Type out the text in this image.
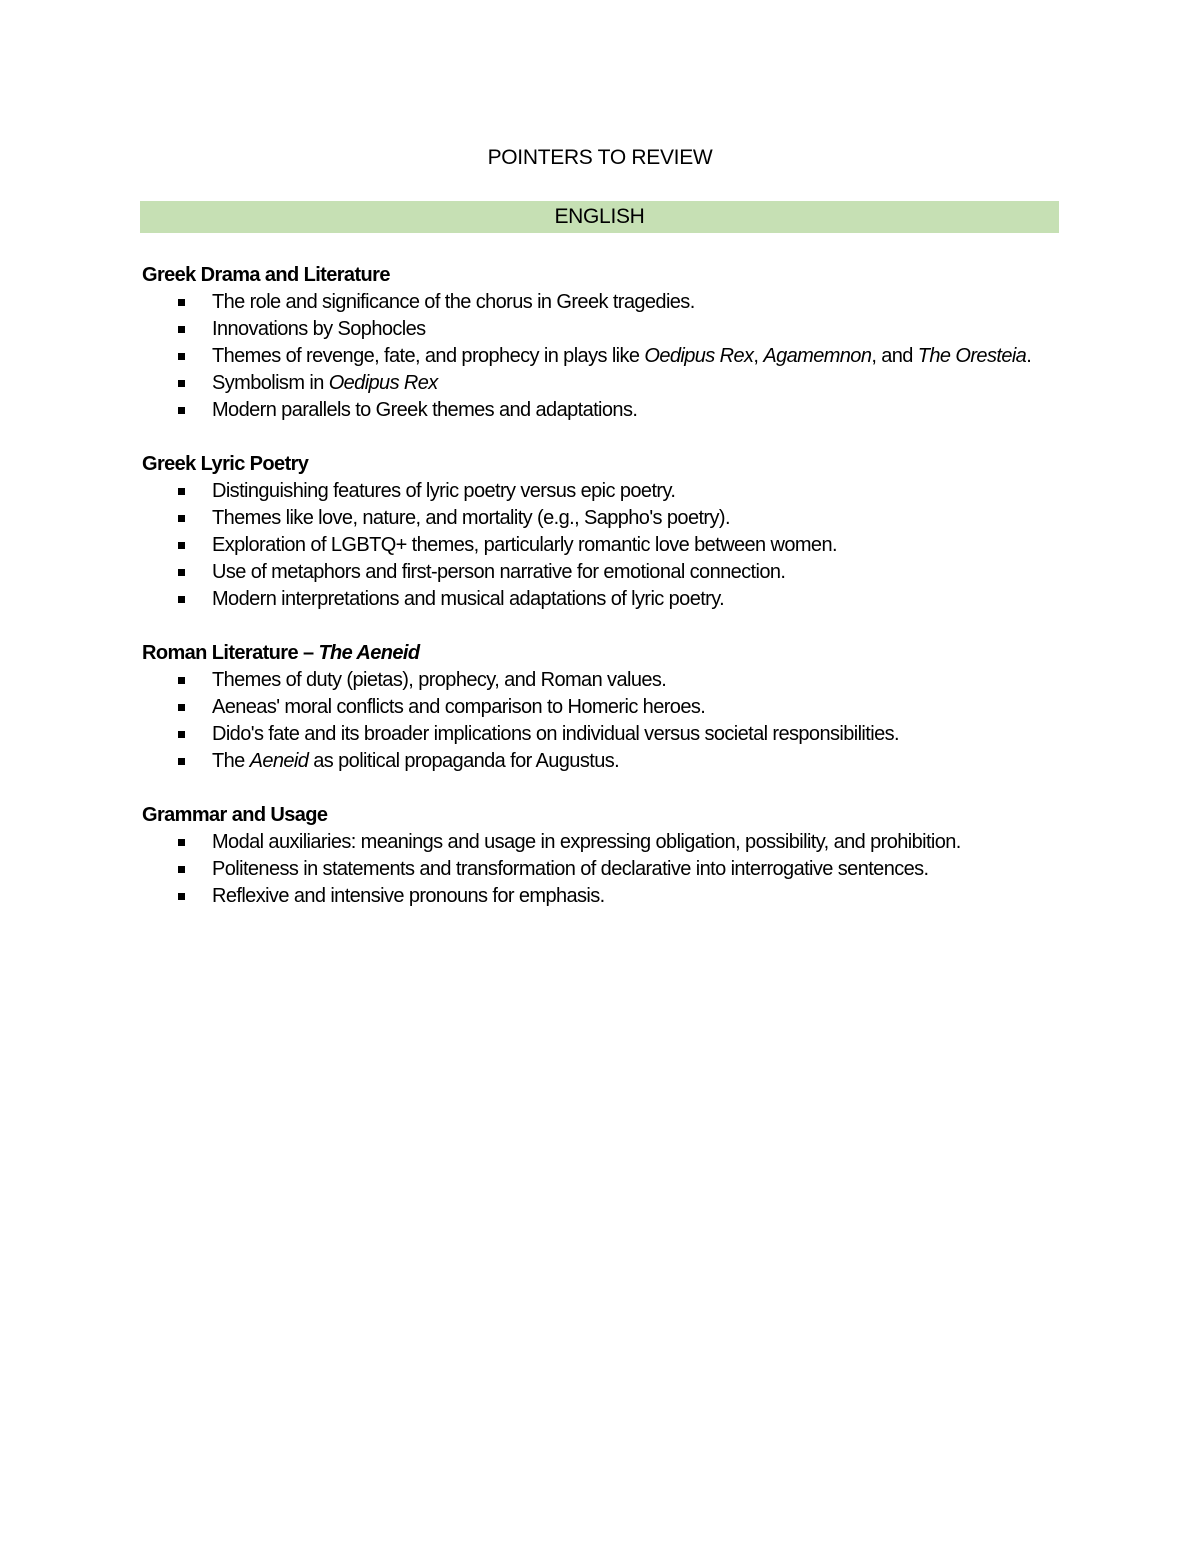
POINTERS TO REVIEW
ENGLISH

Greek Drama and Literature

The role and significance of the chorus in Greek tragedies.
Innovations by Sophocles
Themes of revenge, fate, and prophecy in plays like Oedipus Rex, Agamemnon, and The Oresteia.
Symbolism in Oedipus Rex
Modern parallels to Greek themes and adaptations.

Greek Lyric Poetry

Distinguishing features of lyric poetry versus epic poetry.
Themes like love, nature, and mortality (e.g., Sappho's poetry).
Exploration of LGBTQ+ themes, particularly romantic love between women.
Use of metaphors and first-person narrative for emotional connection.
Modern interpretations and musical adaptations of lyric poetry.

Roman Literature – The Aeneid

Themes of duty (pietas), prophecy, and Roman values.
Aeneas' moral conflicts and comparison to Homeric heroes.
Dido's fate and its broader implications on individual versus societal responsibilities.
The Aeneid as political propaganda for Augustus.

Grammar and Usage

Modal auxiliaries: meanings and usage in expressing obligation, possibility, and prohibition.
Politeness in statements and transformation of declarative into interrogative sentences.
Reflexive and intensive pronouns for emphasis.
